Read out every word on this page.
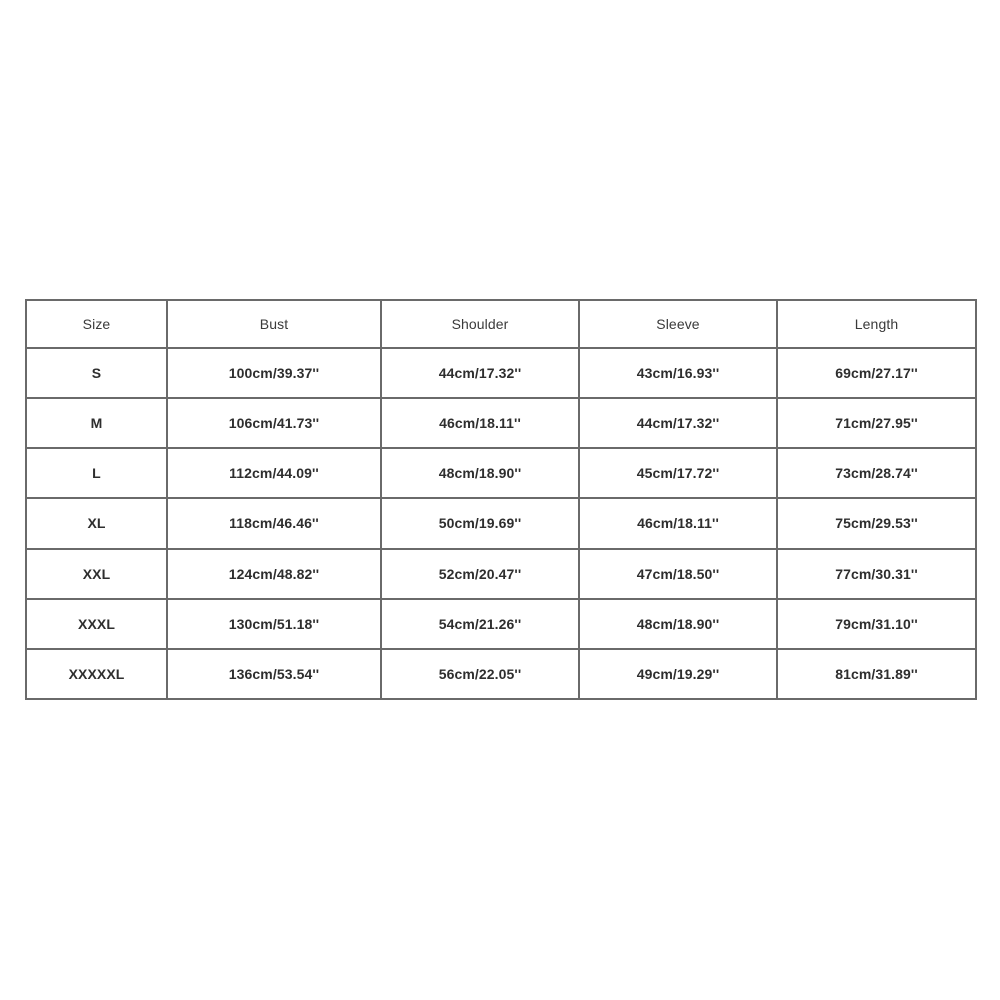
Size	Bust	Shoulder	Sleeve	Length
S	100cm/39.37''	44cm/17.32''	43cm/16.93''	69cm/27.17''
M	106cm/41.73''	46cm/18.11''	44cm/17.32''	71cm/27.95''
L	112cm/44.09''	48cm/18.90''	45cm/17.72''	73cm/28.74''
XL	118cm/46.46''	50cm/19.69''	46cm/18.11''	75cm/29.53''
XXL	124cm/48.82''	52cm/20.47''	47cm/18.50''	77cm/30.31''
XXXL	130cm/51.18''	54cm/21.26''	48cm/18.90''	79cm/31.10''
XXXXXL	136cm/53.54''	56cm/22.05''	49cm/19.29''	81cm/31.89''
